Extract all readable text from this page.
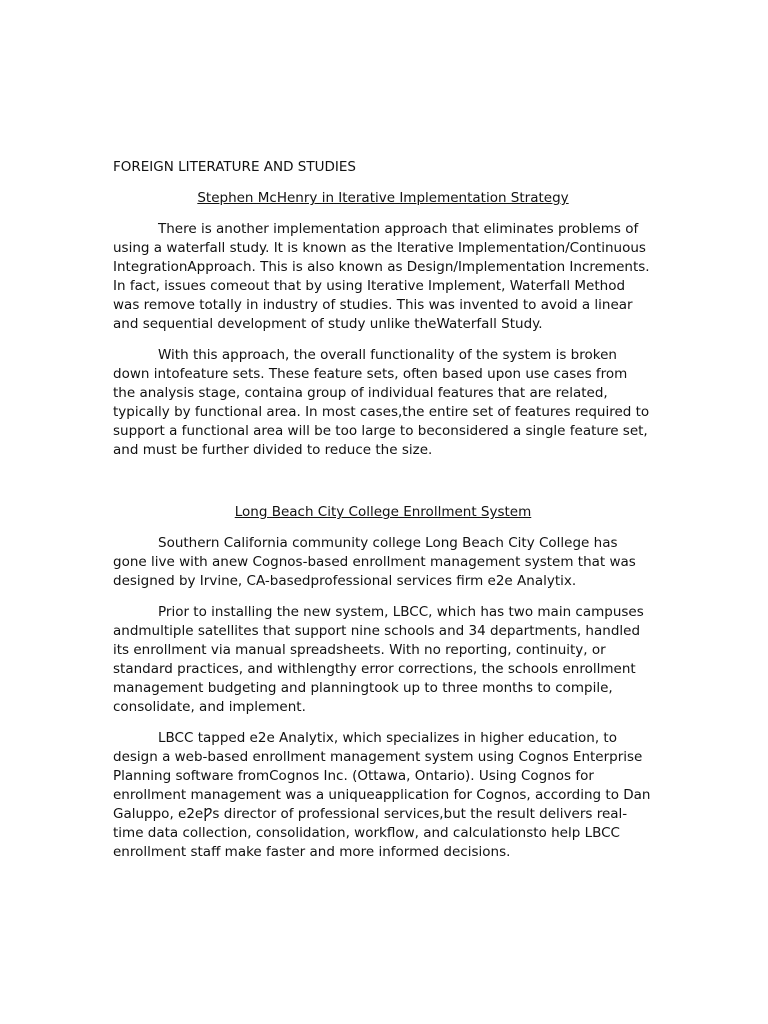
FOREIGN LITERATURE AND STUDIES

Stephen McHenry in Iterative Implementation Strategy

There is another implementation approach that eliminates problems of using a waterfall study. It is known as the Iterative Implementation/Continuous IntegrationApproach. This is also known as Design/Implementation Increments. In fact, issues comeout that by using Iterative Implement, Waterfall Method was remove totally in industry of studies. This was invented to avoid a linear and sequential development of study unlike theWaterfall Study.

With this approach, the overall functionality of the system is broken down intofeature sets. These feature sets, often based upon use cases from the analysis stage, containa group of individual features that are related, typically by functional area. In most cases,the entire set of features required to support a functional area will be too large to beconsidered a single feature set, and must be further divided to reduce the size.

Long Beach City College Enrollment System

Southern California community college Long Beach City College has gone live with anew Cognos-based enrollment management system that was designed by Irvine, CA-basedprofessional services firm e2e Analytix.

Prior to installing the new system, LBCC, which has two main campuses andmultiple satellites that support nine schools and 34 departments, handled its enrollment via manual spreadsheets. With no reporting, continuity, or standard practices, and withlengthy error corrections, the schools enrollment management budgeting and planningtook up to three months to compile, consolidate, and implement.

LBCC tapped e2e Analytix, which specializes in higher education, to design a web-based enrollment management system using Cognos Enterprise Planning software fromCognos Inc. (Ottawa, Ontario). Using Cognos for enrollment management was a uniqueapplication for Cognos, according to Dan Galuppo, e2eǷs director of professional services,but the result delivers real-time data collection, consolidation, workflow, and calculationsto help LBCC enrollment staff make faster and more informed decisions.
